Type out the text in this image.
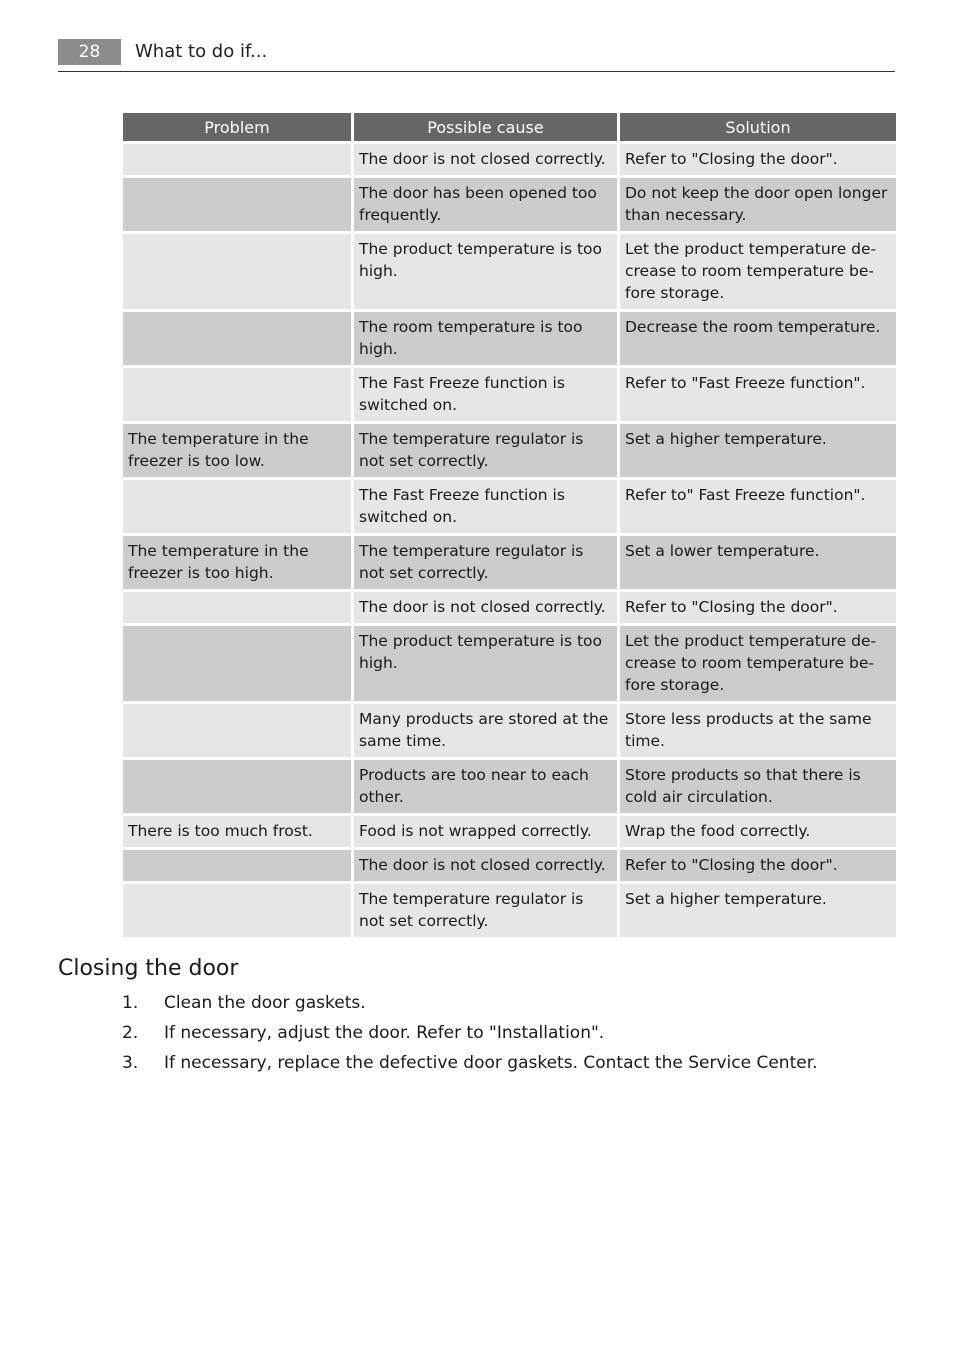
28	What to do if...
Problem	Possible cause	Solution
	The door is not closed correctly.	Refer to "Closing the door".
	The door has been opened too frequently.	Do not keep the door open longer than necessary.
	The product temperature is too high.	Let the product temperature de-crease to room temperature be-fore storage.
	The room temperature is too high.	Decrease the room temperature.
	The Fast Freeze function is switched on.	Refer to "Fast Freeze function".
The temperature in the freezer is too low.	The temperature regulator is not set correctly.	Set a higher temperature.
	The Fast Freeze function is switched on.	Refer to" Fast Freeze function".
The temperature in the freezer is too high.	The temperature regulator is not set correctly.	Set a lower temperature.
	The door is not closed correctly.	Refer to "Closing the door".
	The product temperature is too high.	Let the product temperature de-crease to room temperature be-fore storage.
	Many products are stored at the same time.	Store less products at the same time.
	Products are too near to each other.	Store products so that there is cold air circulation.
There is too much frost.	Food is not wrapped correctly.	Wrap the food correctly.
	The door is not closed correctly.	Refer to "Closing the door".
	The temperature regulator is not set correctly.	Set a higher temperature.
Closing the door
1. Clean the door gaskets.
2. If necessary, adjust the door. Refer to "Installation".
3. If necessary, replace the defective door gaskets. Contact the Service Center.
